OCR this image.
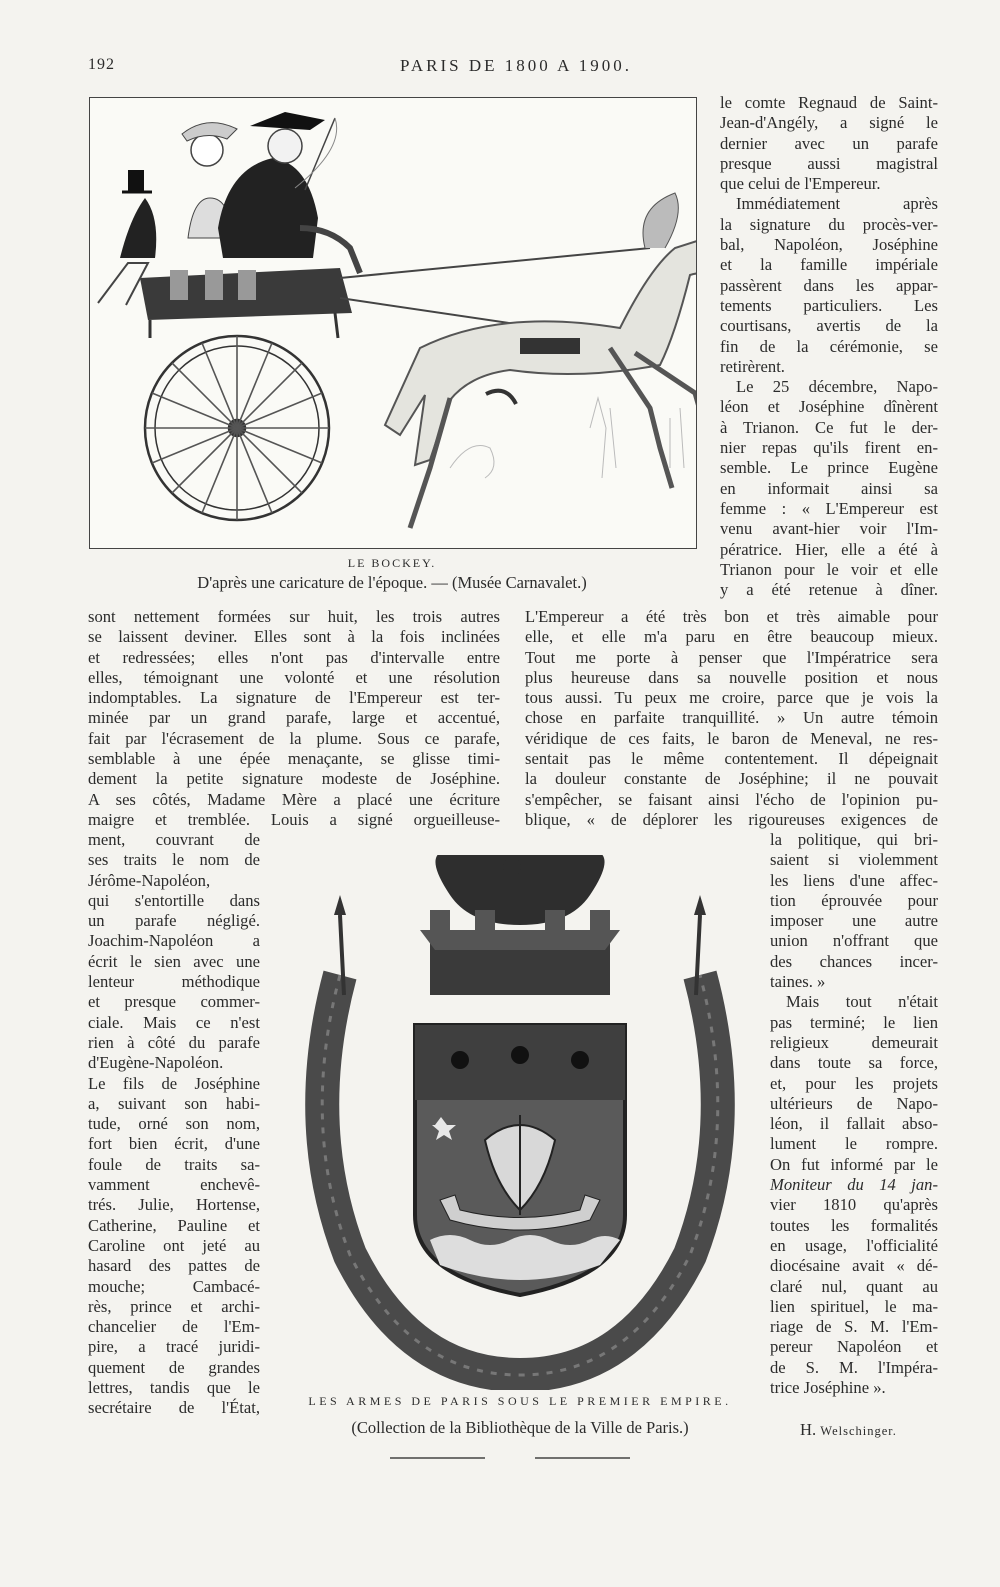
192	PARIS DE 1800 A 1900.
LE BOCKEY.
D'après une caricature de l'époque. — (Musée Carnavalet.)
le comte Regnaud de Saint-
Jean-d'Angély, a signé le
dernier avec un parafe
presque aussi magistral
que celui de l'Empereur.
Immédiatement après
la signature du procès-ver-
bal, Napoléon, Joséphine
et la famille impériale
passèrent dans les appar-
tements particuliers. Les
courtisans, avertis de la
fin de la cérémonie, se
retirèrent.
Le 25 décembre, Napo-
léon et Joséphine dînèrent
à Trianon. Ce fut le der-
nier repas qu'ils firent en-
semble. Le prince Eugène
en informait ainsi sa
femme : « L'Empereur est
venu avant-hier voir l'Im-
pératrice. Hier, elle a été à
Trianon pour le voir et elle
y a été retenue à dîner.
sont nettement formées sur huit, les trois autres
se laissent deviner. Elles sont à la fois inclinées
et redressées; elles n'ont pas d'intervalle entre
elles, témoignant une volonté et une résolution
indomptables. La signature de l'Empereur est ter-
minée par un grand parafe, large et accentué,
fait par l'écrasement de la plume. Sous ce parafe,
semblable à une épée menaçante, se glisse timi-
dement la petite signature modeste de Joséphine.
A ses côtés, Madame Mère a placé une écriture
maigre et tremblée. Louis a signé orgueilleuse-
ment, couvrant de
ses traits le nom de
Jérôme-Napoléon,
qui s'entortille dans
un parafe négligé.
Joachim-Napoléon a
écrit le sien avec une
lenteur méthodique
et presque commer-
ciale. Mais ce n'est
rien à côté du parafe
d'Eugène-Napoléon.
Le fils de Joséphine
a, suivant son habi-
tude, orné son nom,
fort bien écrit, d'une
foule de traits sa-
vamment enchevê-
trés. Julie, Hortense,
Catherine, Pauline et
Caroline ont jeté au
hasard des pattes de
mouche; Cambacé-
rès, prince et archi-
chancelier de l'Em-
pire, a tracé juridi-
quement de grandes
lettres, tandis que le
secrétaire de l'État,
L'Empereur a été très bon et très aimable pour
elle, et elle m'a paru en être beaucoup mieux.
Tout me porte à penser que l'Impératrice sera
plus heureuse dans sa nouvelle position et nous
tous aussi. Tu peux me croire, parce que je vois la
chose en parfaite tranquillité. » Un autre témoin
véridique de ces faits, le baron de Meneval, ne res-
sentait pas le même contentement. Il dépeignait
la douleur constante de Joséphine; il ne pouvait
s'empêcher, se faisant ainsi l'écho de l'opinion pu-
blique, « de déplorer les rigoureuses exigences de
la politique, qui bri-
saient si violemment
les liens d'une affec-
tion éprouvée pour
imposer une autre
union n'offrant que
des chances incer-
taines. »
Mais tout n'était
pas terminé; le lien
religieux demeurait
dans toute sa force,
et, pour les projets
ultérieurs de Napo-
léon, il fallait abso-
lument le rompre.
On fut informé par le
Moniteur du 14 jan-
vier 1810 qu'après
toutes les formalités
en usage, l'officialité
diocésaine avait « dé-
claré nul, quant au
lien spirituel, le ma-
riage de S. M. l'Em-
pereur Napoléon et
de S. M. l'Impéra-
trice Joséphine ».
LES ARMES DE PARIS SOUS LE PREMIER EMPIRE.
(Collection de la Bibliothèque de la Ville de Paris.)	H. Welschinger.
